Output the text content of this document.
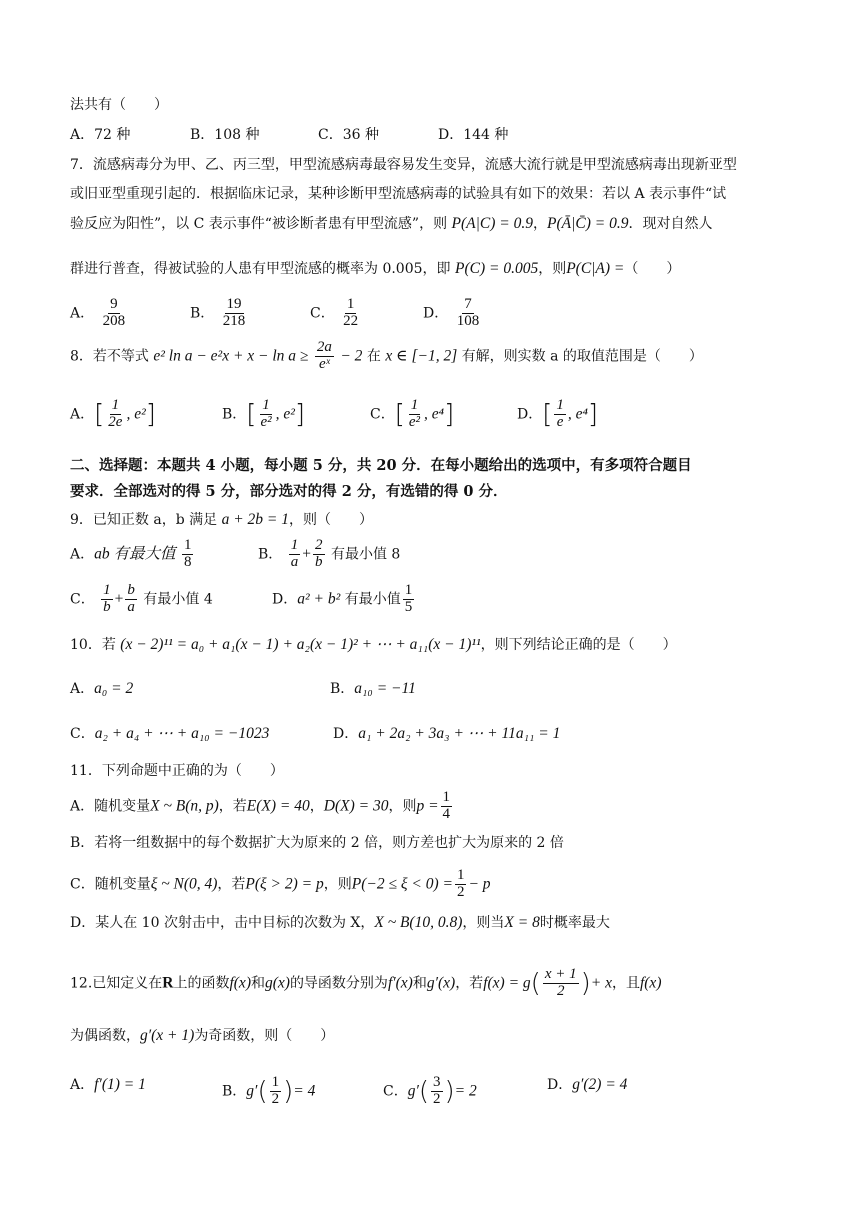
法共有（　　）
A．72 种	B．108 种	C．36 种	D．144 种
7．流感病毒分为甲、乙、丙三型，甲型流感病毒最容易发生变异，流感大流行就是甲型流感病毒出现新亚型
或旧亚型重现引起的．根据临床记录，某种诊断甲型流感病毒的试验具有如下的效果：若以 A 表示事件“试
验反应为阳性”，以 C 表示事件“被诊断者患有甲型流感”，则 P(A|C) = 0.9，P(Ā|C̄) = 0.9．现对自然人
群进行普查，得被试验的人患有甲型流感的概率为 0.005，即 P(C) = 0.005，则P(C|A) =（　　）
A． $\frac{9}{208}$	B． $\frac{19}{218}$	C． $\frac{1}{22}$	D． $\frac{7}{108}$
8．若不等式 e² $\ln a - e^2x + x - \ln a \ge \frac{2a}{\text{eˣ}} - 2$ 在 x ∈ [−1, 2] 有解，则实数 a 的取值范围是（　　）
A．[ $\frac{1}{2e}$ , e²]	B．[ $\frac{1}{\text{e²}}$ , e²]	C．[ $\frac{1}{\text{e²}}$ , e⁴]	D．[ $\frac{1}{e}$ , e⁴]
二、选择题：本题共 4 小题，每小题 5 分，共 20 分．在每小题给出的选项中，有多项符合题目
要求．全部选对的得 5 分，部分选对的得 2 分，有选错的得 0 分．
9．已知正数 a，b 满足 a + 2b = 1，则（　　）
A．ab 有最大值 $\frac{1}{8}$	B． $\frac{1}{a} + \frac{2}{b}$ 有最小值 8
C． $\frac{1}{b} + \frac{b}{a}$ 有最小值 4	D．a² + b² 有最小值 $\frac{1}{5}$
10．若 (x − 2)¹¹ = a₀ + a₁(x − 1) + a₂(x − 1)² + ⋯ + a₁₁(x − 1)¹¹，则下列结论正确的是（　　）
A．a₀ = 2	B．a₁₀ = −11
C．a₂ + a₄ + ⋯ + a₁₀ = −1023	D．a₁ + 2a₂ + 3a₃ + ⋯ + 11a₁₁ = 1
11．下列命题中正确的为（　　）
A．随机变量X ~ B(n, p)，若E(X) = 40，D(X) = 30，则$p = \frac{1}{4}$
B．若将一组数据中的每个数据扩大为原来的 2 倍，则方差也扩大为原来的 2 倍
C．随机变量ξ ~ N(0, 4)，若P(ξ > 2) = p，则$P(-2 \le \xi < 0) = \frac{1}{2} - p$
D．某人在 10 次射击中，击中目标的次数为 X，X ~ B(10, 0.8)，则当X = 8时概率最大
12.已知定义在R上的函数f(x)和g(x)的导函数分别为f′(x)和g′(x)，若$f(x) = g( \frac{x + 1}{2}$ )+ x，且f(x)
为偶函数，g′(x + 1)为奇函数，则（　　）
A．f′(1) = 1	B．$g'( \frac{1}{2}$ )= 4	C．$g'( \frac{3}{2}$ )= 2	D．g′(2) = 4
